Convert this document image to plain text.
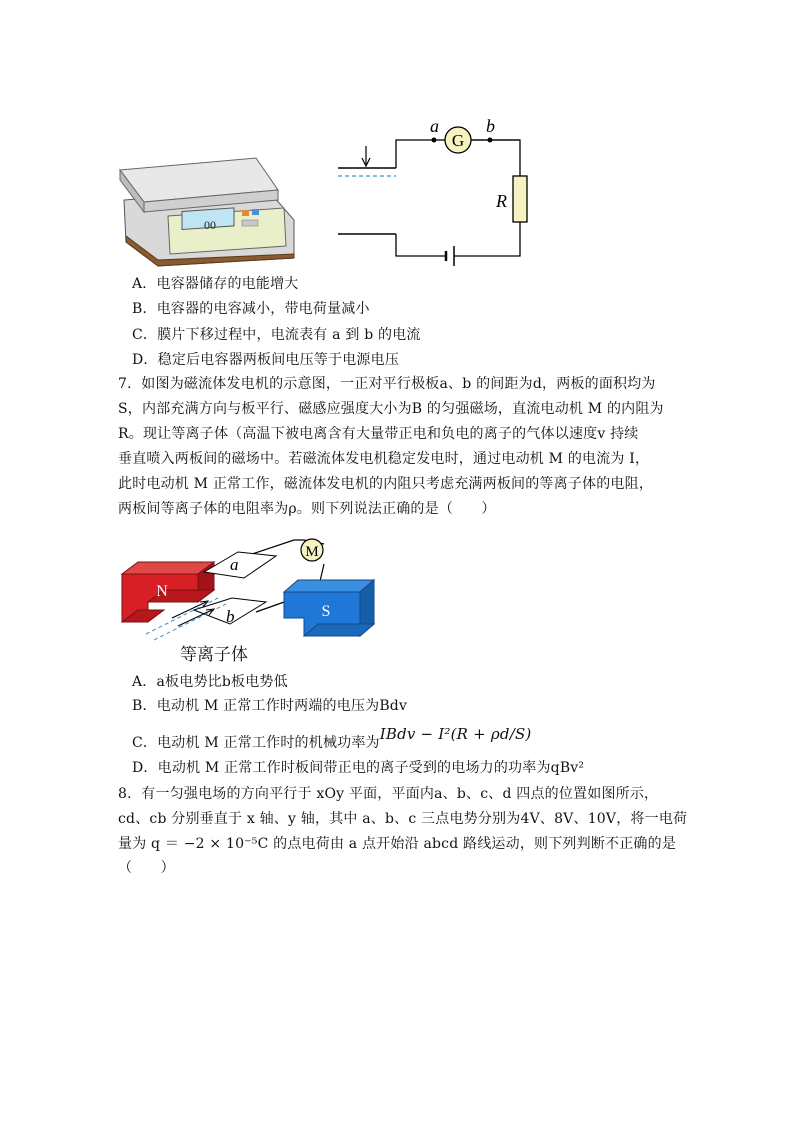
00
G
a	b
R
A．电容器储存的电能增大
B．电容器的电容减小，带电荷量减小
C．膜片下移过程中，电流表有 a 到 b 的电流
D．稳定后电容器两板间电压等于电源电压
7．如图为磁流体发电机的示意图，一正对平行极板a、b 的间距为d，两板的面积均为
S，内部充满方向与板平行、磁感应强度大小为B 的匀强磁场，直流电动机 M 的内阻为
R。现让等离子体（高温下被电离含有大量带正电和负电的离子的气体以速度v 持续
垂直喷入两板间的磁场中。若磁流体发电机稳定发电时，通过电动机 M 的电流为 I，
此时电动机 M 正常工作，磁流体发电机的内阻只考虑充满两板间的等离子体的电阻，
两板间等离子体的电阻率为ρ。则下列说法正确的是（　　）
N
M
a
b	S
等离子体
A．a板电势比b板电势低
B．电动机 M 正常工作时两端的电压为Bdv
C．电动机 M 正常工作时的机械功率为IBdv − I²(R + ρd/S)
D．电动机 M 正常工作时板间带正电的离子受到的电场力的功率为qBv²
8．有一匀强电场的方向平行于 xOy 平面，平面内a、b、c、d 四点的位置如图所示，
cd、cb 分别垂直于 x 轴、y 轴，其中 a、b、c 三点电势分别为4V、8V、10V，将一电荷
量为 q ＝ −2 × 10⁻⁵C 的点电荷由 a 点开始沿 abcd 路线运动，则下列判断不正确的是
（　　）
